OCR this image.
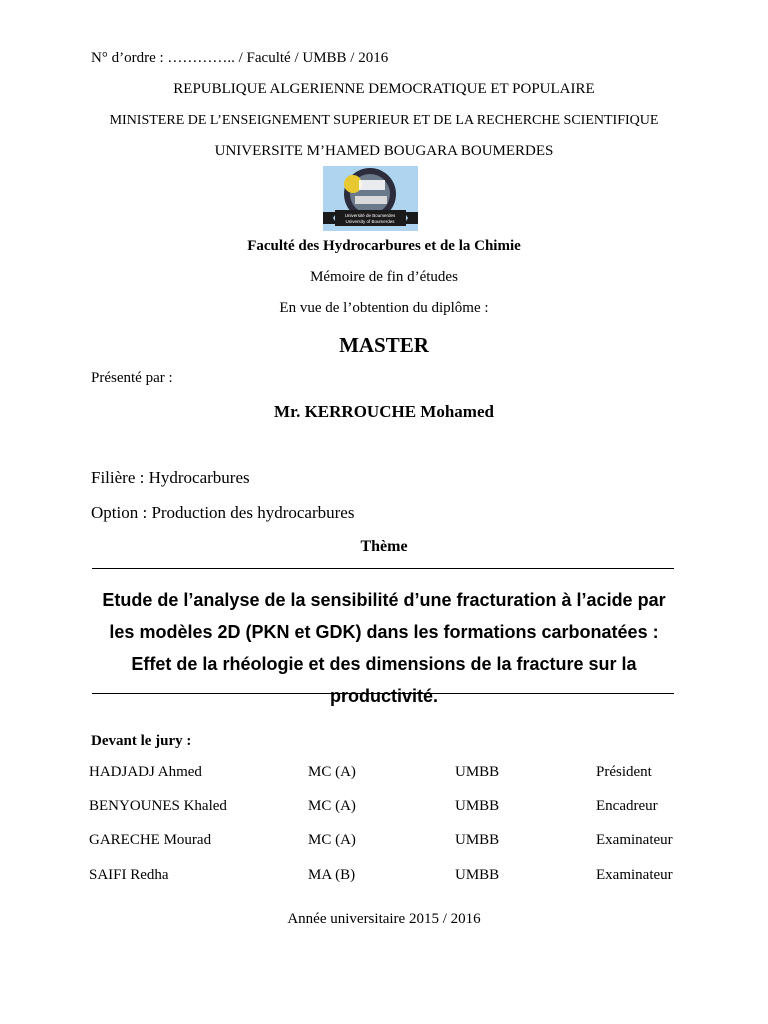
N° d’ordre : ………….. / Faculté / UMBB / 2016
REPUBLIQUE ALGERIENNE DEMOCRATIQUE ET POPULAIRE
MINISTERE DE L’ENSEIGNEMENT SUPERIEUR ET DE LA RECHERCHE SCIENTIFIQUE
UNIVERSITE M’HAMED BOUGARA BOUMERDES
Université de Boumerdes
University of Boumerdes
Faculté des Hydrocarbures et de la Chimie
Mémoire de fin d’études
En vue de l’obtention du diplôme :
MASTER
Présenté par :
Mr. KERROUCHE Mohamed
Filière : Hydrocarbures
Option : Production des hydrocarbures
Thème
Etude de l’analyse de la sensibilité d’une fracturation à l’acide par les modèles 2D (PKN et GDK) dans les formations carbonatées : Effet de la rhéologie et des dimensions de la fracture sur la productivité.
Devant le jury :
HADJADJ Ahmed	MC (A)	UMBB	Président
BENYOUNES Khaled	MC (A)	UMBB	Encadreur
GARECHE Mourad	MC (A)	UMBB	Examinateur
SAIFI Redha	MA (B)	UMBB	Examinateur
Année universitaire 2015 / 2016
